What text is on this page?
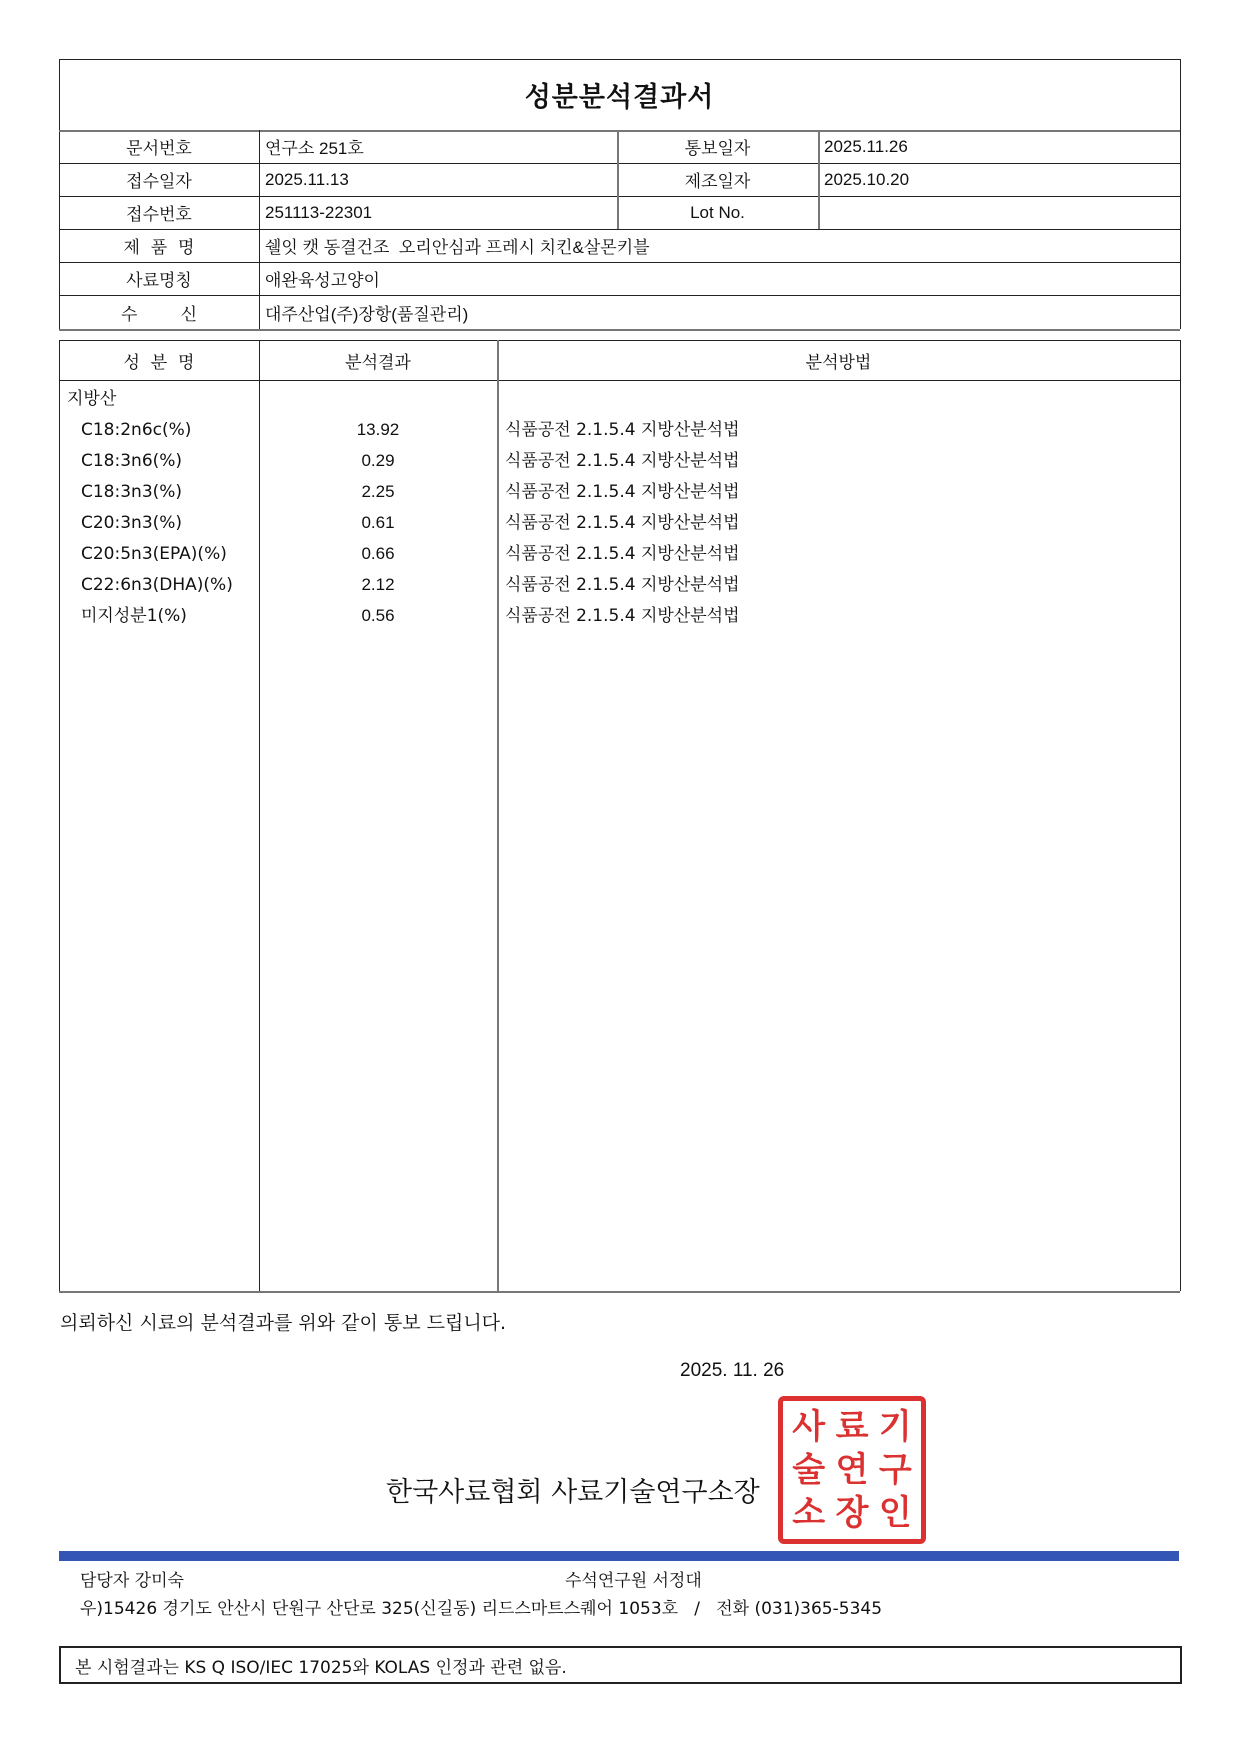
성분분석결과서
문서번호	연구소 251호	통보일자	2025.11.26
접수일자	2025.11.13	제조일자	2025.10.20
접수번호	251113-22301	Lot No.
제  품  명	쉘잇 캣 동결건조  오리안심과 프레시 치킨&살몬키블
사료명칭	애완육성고양이
수        신	대주산업(주)장항(품질관리)
성  분  명	분석결과	분석방법
지방산
C18:2n6c(%)	13.92	식품공전 2.1.5.4 지방산분석법
C18:3n6(%)	0.29	식품공전 2.1.5.4 지방산분석법
C18:3n3(%)	2.25	식품공전 2.1.5.4 지방산분석법
C20:3n3(%)	0.61	식품공전 2.1.5.4 지방산분석법
C20:5n3(EPA)(%)	0.66	식품공전 2.1.5.4 지방산분석법
C22:6n3(DHA)(%)	2.12	식품공전 2.1.5.4 지방산분석법
미지성분1(%)	0.56	식품공전 2.1.5.4 지방산분석법
의뢰하신 시료의 분석결과를 위와 같이 통보 드립니다.
2025. 11. 26
사 료 기
술 연 구
소 장 인
한국사료협회 사료기술연구소장
담당자 강미숙	수석연구원 서정대
우)15426 경기도 안산시 단원구 산단로 325(신길동) 리드스마트스퀘어 1053호   /   전화 (031)365-5345
본 시험결과는 KS Q ISO/IEC 17025와 KOLAS 인정과 관련 없음.
